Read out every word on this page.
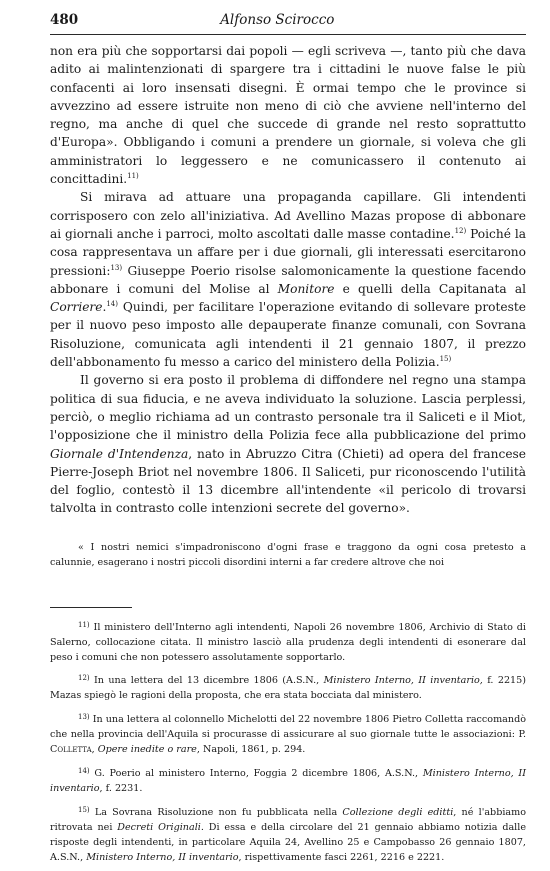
480	Alfonso Scirocco

non era più che sopportarsi dai popoli — egli scriveva —, tanto più che dava adito ai malintenzionati di spargere tra i cittadini le nuove false le più confacenti ai loro insensati disegni. È ormai tempo che le province si avvezzino ad essere istruite non meno di ciò che avviene nell'interno del regno, ma anche di quel che succede di grande nel resto soprattutto d'Europa». Obbligando i comuni a prendere un giornale, si voleva che gli amministratori lo leggessero e ne comunicassero il contenuto ai concittadini.$^{11)}$

Si mirava ad attuare una propaganda capillare. Gli intendenti corrisposero con zelo all'iniziativa. Ad Avellino Mazas propose di abbonare ai giornali anche i parroci, molto ascoltati dalle masse contadine.$^{12)}$ Poiché la cosa rappresentava un affare per i due giornali, gli interessati esercitarono pressioni:$^{13)}$ Giuseppe Poerio risolse salomonicamente la questione facendo abbonare i comuni del Molise al Monitore e quelli della Capitanata al Corriere.$^{14)}$ Quindi, per facilitare l'operazione evitando di sollevare proteste per il nuovo peso imposto alle depauperate finanze comunali, con Sovrana Risoluzione, comunicata agli intendenti il 21 gennaio 1807, il prezzo dell'abbonamento fu messo a carico del ministero della Polizia.$^{15)}$

Il governo si era posto il problema di diffondere nel regno una stampa politica di sua fiducia, e ne aveva individuato la soluzione. Lascia perplessi, perciò, o meglio richiama ad un contrasto personale tra il Saliceti e il Miot, l'opposizione che il ministro della Polizia fece alla pubblicazione del primo Giornale d'Intendenza, nato in Abruzzo Citra (Chieti) ad opera del francese Pierre-Joseph Briot nel novembre 1806. Il Saliceti, pur riconoscendo l'utilità del foglio, contestò il 13 dicembre all'intendente «il pericolo di trovarsi talvolta in contrasto colle intenzioni secrete del governo».

« I nostri nemici s'impadroniscono d'ogni frase e traggono da ogni cosa pretesto a calunnie, esagerano i nostri piccoli disordini interni a far credere altrove che noi

$^{11)}$ Il ministero dell'Interno agli intendenti, Napoli 26 novembre 1806, Archivio di Stato di Salerno, collocazione citata. Il ministro lasciò alla prudenza degli intendenti di esonerare dal peso i comuni che non potessero assolutamente sopportarlo.

$^{12)}$ In una lettera del 13 dicembre 1806 (A.S.N., Ministero Interno, II inventario, f. 2215) Mazas spiegò le ragioni della proposta, che era stata bocciata dal ministero.

$^{13)}$ In una lettera al colonnello Michelotti del 22 novembre 1806 Pietro Colletta raccomandò che nella provincia dell'Aquila si procurasse di assicurare al suo giornale tutte le associazioni: P. Colletta, Opere inedite o rare, Napoli, 1861, p. 294.

$^{14)}$ G. Poerio al ministero Interno, Foggia 2 dicembre 1806, A.S.N., Ministero Interno, II inventario, f. 2231.

$^{15)}$ La Sovrana Risoluzione non fu pubblicata nella Collezione degli editti, né l'abbiamo ritrovata nei Decreti Originali. Di essa e della circolare del 21 gennaio abbiamo notizia dalle risposte degli intendenti, in particolare Aquila 24, Avellino 25 e Campobasso 26 gennaio 1807, A.S.N., Ministero Interno, II inventario, rispettivamente fasci 2261, 2216 e 2221.
